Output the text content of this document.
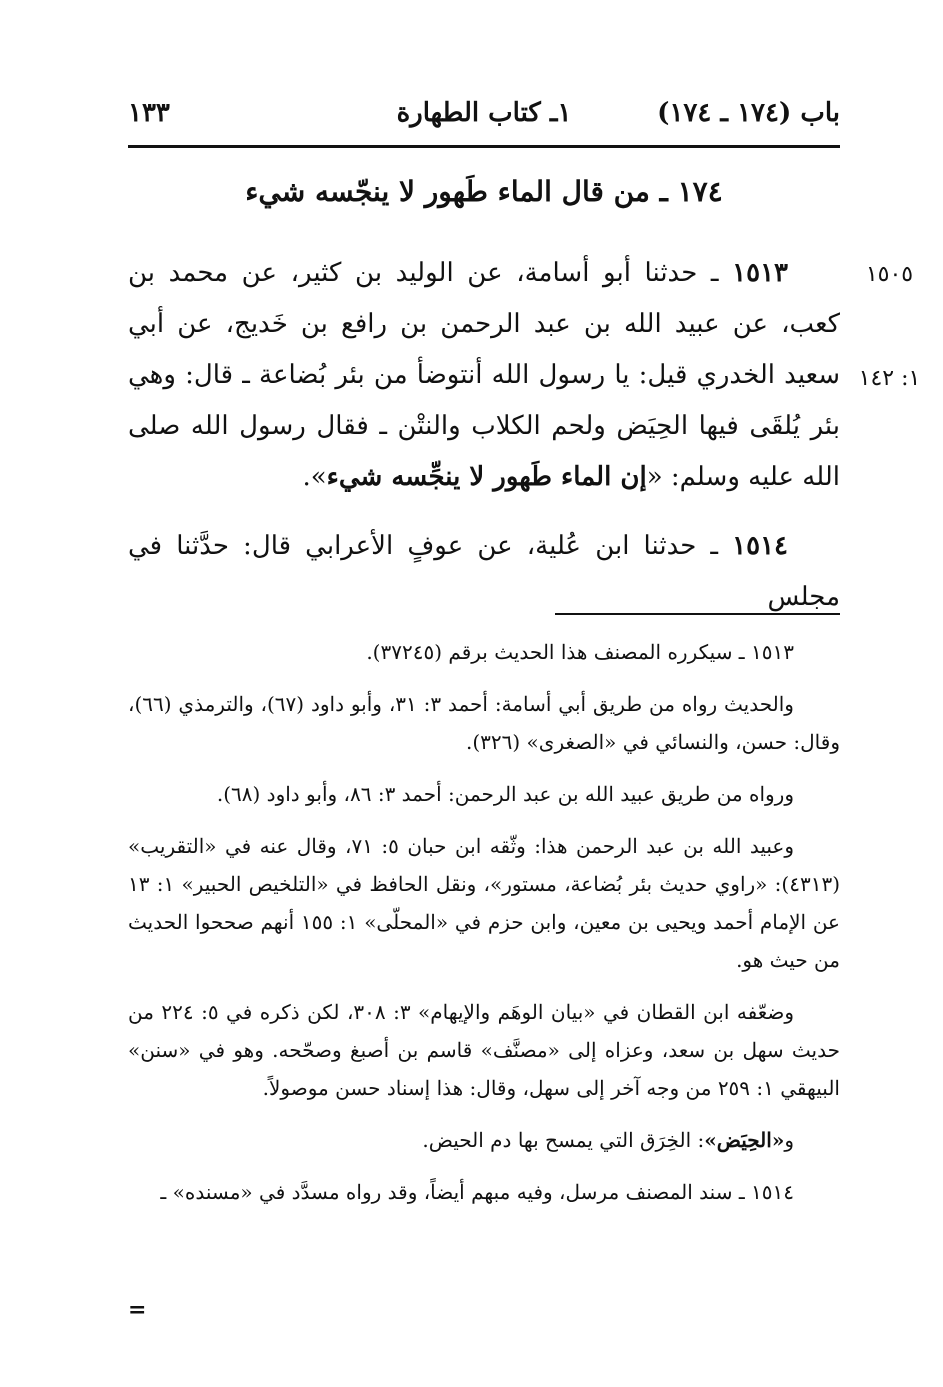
باب (١٧٤ ـ ١٧٤)
١ـ كتاب الطهارة
١٣٣
١٧٤ ـ من قال الماء طَهور لا ينجّسه شيء
١٥٠٥
١: ١٤٢
  ١٥١٣ ـ حدثنا أبو أسامة، عن الوليد بن كثير، عن محمد بن كعب، عن عبيد الله بن عبد الرحمن بن رافع بن خَديج، عن أبي سعيد الخدري قيل: يا رسول الله أنتوضأ من بئر بُضاعة ـ قال: وهي بئر يُلقَى فيها الحِيَض ولحم الكلاب والنتْن ـ فقال رسول الله صلى الله عليه وسلم: «إن الماء طَهور لا ينجِّسه شيء».
  ١٥١٤ ـ حدثنا ابن عُلية، عن عوفٍ الأعرابي قال: حدَّثنا في مجلس

١٥١٣ ـ سيكرره المصنف هذا الحديث برقم (٣٧٢٤٥).

والحديث رواه من طريق أبي أسامة: أحمد ٣: ٣١، وأبو داود (٦٧)، والترمذي (٦٦)، وقال: حسن، والنسائي في «الصغرى» (٣٢٦).

ورواه من طريق عبيد الله بن عبد الرحمن: أحمد ٣: ٨٦، وأبو داود (٦٨).

وعبيد الله بن عبد الرحمن هذا: وثّقه ابن حبان ٥: ٧١، وقال عنه في «التقريب» (٤٣١٣): «راوي حديث بئر بُضاعة، مستور»، ونقل الحافظ في «التلخيص الحبير» ١: ١٣ عن الإمام أحمد ويحيى بن معين، وابن حزم في «المحلّى» ١: ١٥٥ أنهم صححوا الحديث من حيث هو.

وضعّفه ابن القطان في «بيان الوهَم والإيهام» ٣: ٣٠٨، لكن ذكره في ٥: ٢٢٤ من حديث سهل بن سعد، وعزاه إلى «مصنَّف» قاسم بن أصبغ وصحّحه. وهو في «سنن» البيهقي ١: ٢٥٩ من وجه آخر إلى سهل، وقال: هذا إسناد حسن موصولاً.

و«الحِيَض»: الخِرَق التي يمسح بها دم الحيض.

١٥١٤ ـ سند المصنف مرسل، وفيه مبهم أيضاً، وقد رواه مسدَّد في «مسنده» ـ

=
